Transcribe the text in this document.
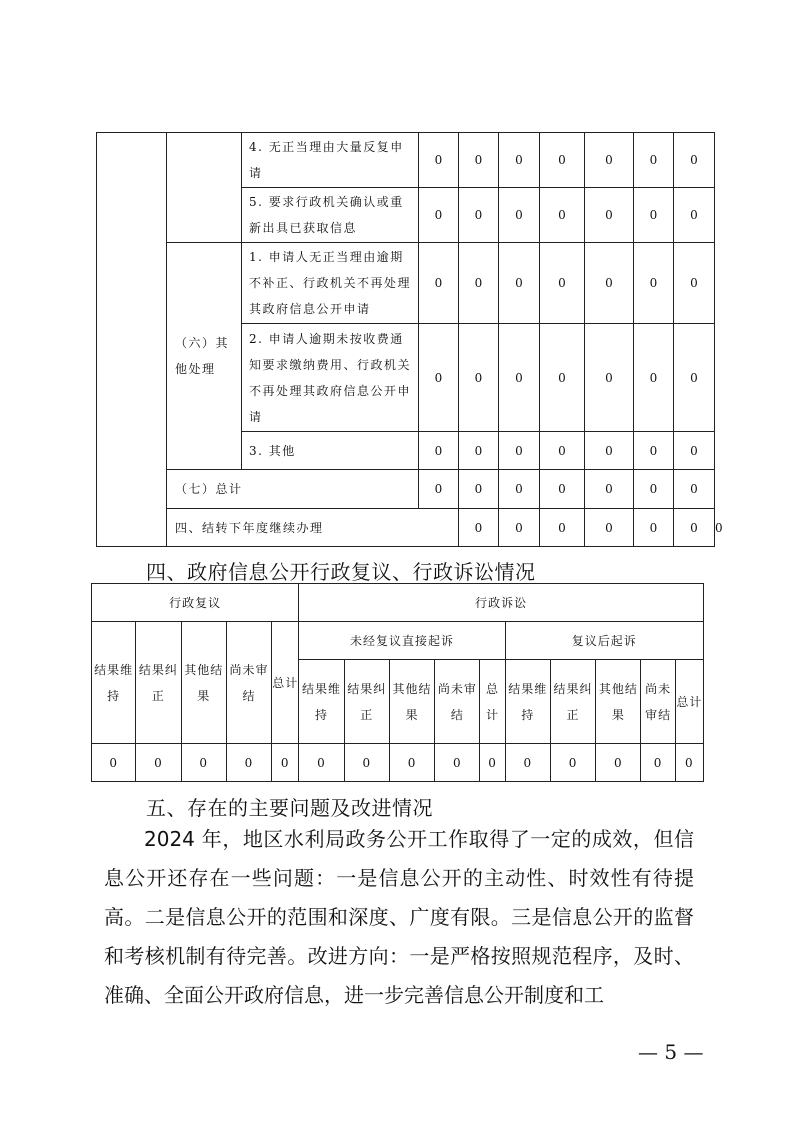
		4. 无正当理由大量反复申请	0	0	0	0	0	0	0	
		5. 要求行政机关确认或重新出具已获取信息	0	0	0	0	0	0	0	
	（六）其他处理	1. 申请人无正当理由逾期不补正、行政机关不再处理其政府信息公开申请	0	0	0	0	0	0	0	
		2. 申请人逾期未按收费通知要求缴纳费用、行政机关不再处理其政府信息公开申请	0	0	0	0	0	0	0	
		3. 其他	0	0	0	0	0	0	0	
	（七）总计		0	0	0	0	0	0	0	
	四、结转下年度继续办理			0	0	0	0	0	0	0
四、政府信息公开行政复议、行政诉讼情况
行政复议					行政诉讼									
结果维持	结果纠正	其他结果	尚未审结	总计	未经复议直接起诉					复议后起诉				
					结果维持	结果纠正	其他结果	尚未审结	总计	结果维持	结果纠正	其他结果	尚未审结	总计
0	0	0	0	0	0	0	0	0	0	0	0	0	0	0
五、存在的主要问题及改进情况

2024 年，地区水利局政务公开工作取得了一定的成效，但信息公开还存在一些问题：一是信息公开的主动性、时效性有待提高。二是信息公开的范围和深度、广度有限。三是信息公开的监督和考核机制有待完善。改进方向：一是严格按照规范程序，及时、准确、全面公开政府信息，进一步完善信息公开制度和工

— 5 —
